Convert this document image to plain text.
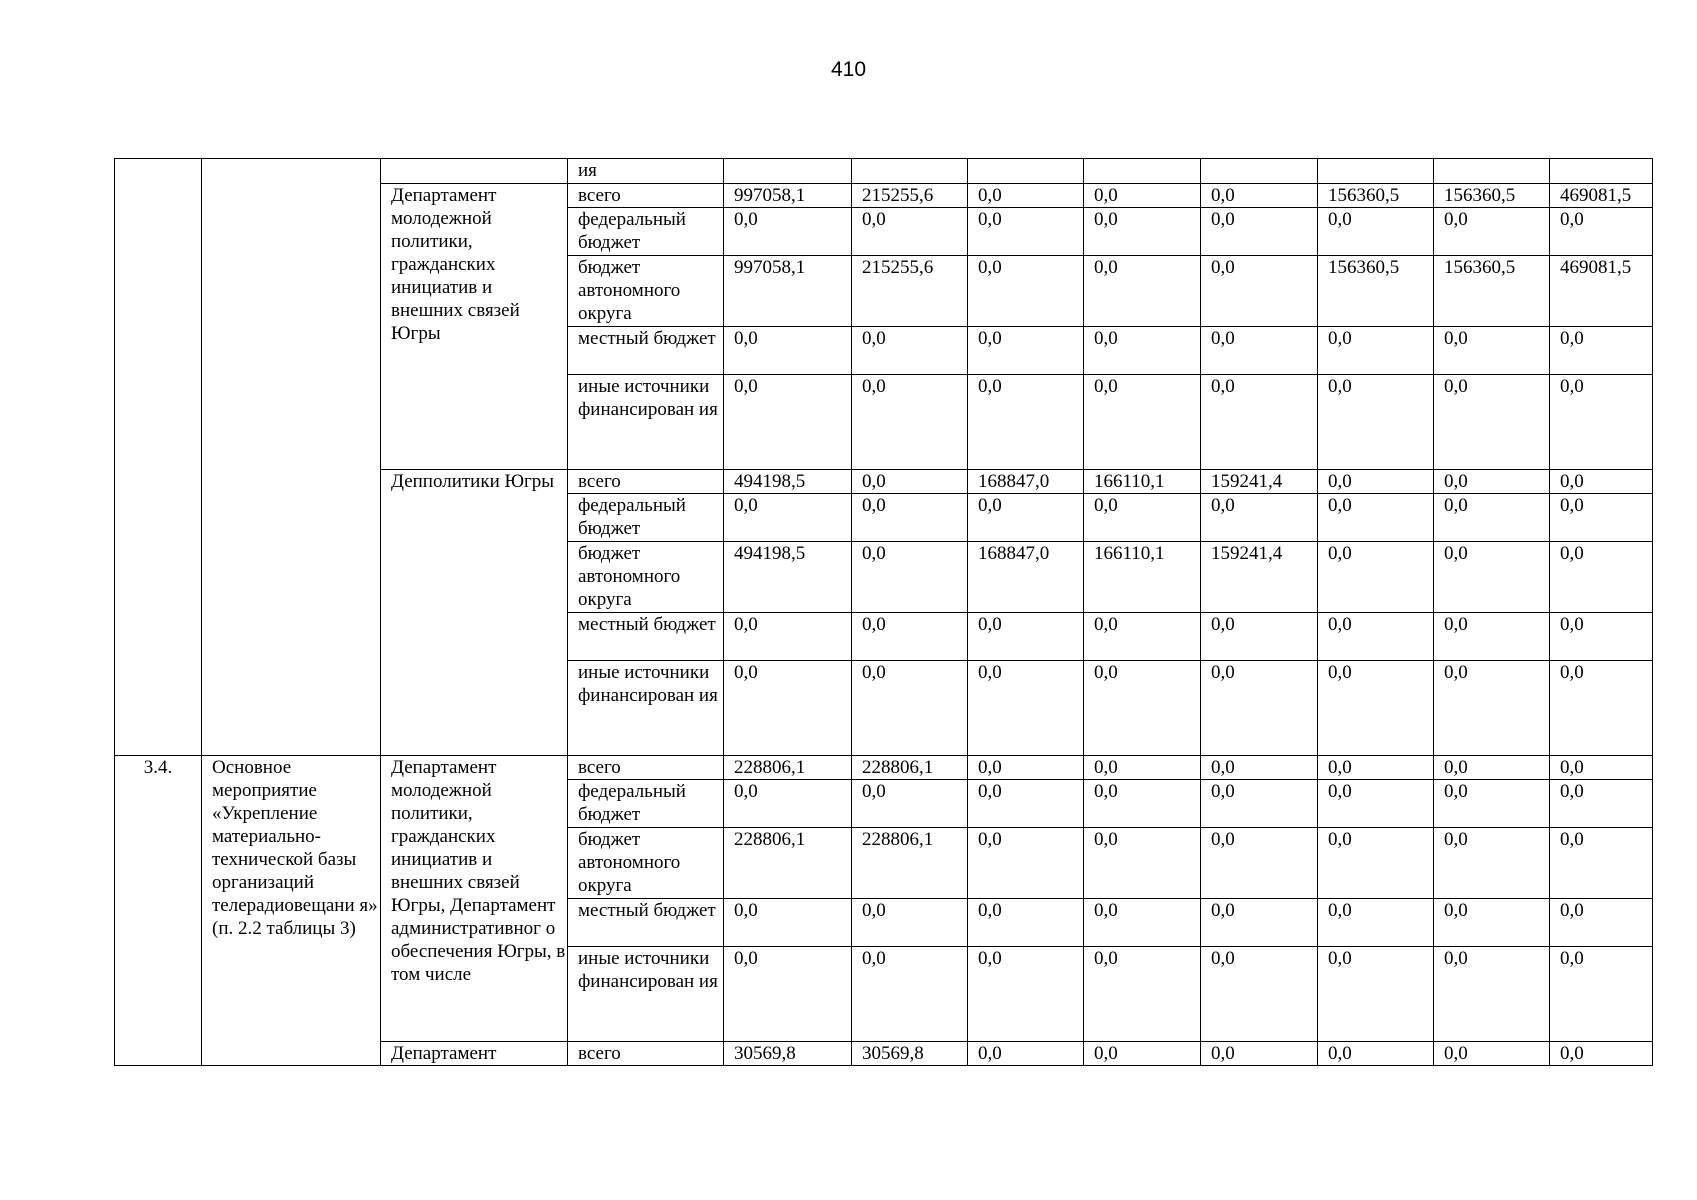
410
			ия								
		Департамент молодежной политики, гражданских инициатив и внешних связей Югры	всего	997058,1	215255,6	0,0	0,0	0,0	156360,5	156360,5	469081,5
			федеральный бюджет	0,0	0,0	0,0	0,0	0,0	0,0	0,0	0,0
			бюджет автономного округа	997058,1	215255,6	0,0	0,0	0,0	156360,5	156360,5	469081,5
			местный бюджет	0,0	0,0	0,0	0,0	0,0	0,0	0,0	0,0
			иные источники финансирован ия	0,0	0,0	0,0	0,0	0,0	0,0	0,0	0,0
		Депполитики Югры	всего	494198,5	0,0	168847,0	166110,1	159241,4	0,0	0,0	0,0
			федеральный бюджет	0,0	0,0	0,0	0,0	0,0	0,0	0,0	0,0
			бюджет автономного округа	494198,5	0,0	168847,0	166110,1	159241,4	0,0	0,0	0,0
			местный бюджет	0,0	0,0	0,0	0,0	0,0	0,0	0,0	0,0
			иные источники финансирован ия	0,0	0,0	0,0	0,0	0,0	0,0	0,0	0,0
3.4.	Основное мероприятие «Укрепление материально-технической базы организаций телерадиовещани я» (п. 2.2 таблицы 3)	Департамент молодежной политики, гражданских инициатив и внешних связей Югры, Департамент административног о обеспечения Югры, в том числе	всего	228806,1	228806,1	0,0	0,0	0,0	0,0	0,0	0,0
			федеральный бюджет	0,0	0,0	0,0	0,0	0,0	0,0	0,0	0,0
			бюджет автономного округа	228806,1	228806,1	0,0	0,0	0,0	0,0	0,0	0,0
			местный бюджет	0,0	0,0	0,0	0,0	0,0	0,0	0,0	0,0
			иные источники финансирован ия	0,0	0,0	0,0	0,0	0,0	0,0	0,0	0,0
		Департамент	всего	30569,8	30569,8	0,0	0,0	0,0	0,0	0,0	0,0
